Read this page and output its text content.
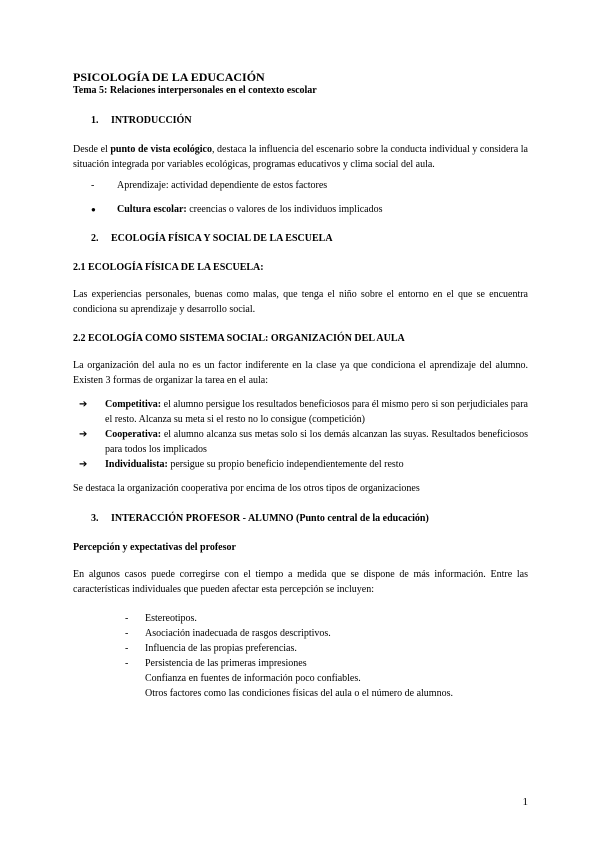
PSICOLOGÍA DE LA EDUCACIÓN

Tema 5: Relaciones interpersonales en el contexto escolar

1.	INTRODUCCIÓN

Desde el punto de vista ecológico, destaca la influencia del escenario sobre la conducta individual y considera la situación integrada por variables ecológicas, programas educativos y clima social del aula.

-	Aprendizaje: actividad dependiente de estos factores
●	Cultura escolar: creencias o valores de los individuos implicados
2.	ECOLOGÍA FÍSICA Y SOCIAL DE LA ESCUELA

2.1 ECOLOGÍA FÍSICA DE LA ESCUELA:

Las experiencias personales, buenas como malas, que tenga el niño sobre el entorno en el que se encuentra condiciona su aprendizaje y desarrollo social.

2.2 ECOLOGÍA COMO SISTEMA SOCIAL: ORGANIZACIÓN DEL AULA

La organización del aula no es un factor indiferente en la clase ya que condiciona el aprendizaje del alumno. Existen 3 formas de organizar la tarea en el aula:

➔	Competitiva: el alumno persigue los resultados beneficiosos para él mismo pero si son perjudiciales para el resto. Alcanza su meta si el resto no lo consigue (competición)
➔	Cooperativa: el alumno alcanza sus metas solo si los demás alcanzan las suyas. Resultados beneficiosos para todos los implicados
➔	Individualista: persigue su propio beneficio independientemente del resto

Se destaca la organización cooperativa por encima de los otros tipos de organizaciones

3.	INTERACCIÓN PROFESOR - ALUMNO (Punto central de la educación)

Percepción y expectativas del profesor

En algunos casos puede corregirse con el tiempo a medida que se dispone de más información. Entre las características individuales que pueden afectar esta percepción se incluyen:

-	Estereotipos.
-	Asociación inadecuada de rasgos descriptivos.
-	Influencia de las propias preferencias.
-	Persistencia de las primeras impresiones
Confianza en fuentes de información poco confiables.
Otros factores como las condiciones físicas del aula o el número de alumnos.
1
